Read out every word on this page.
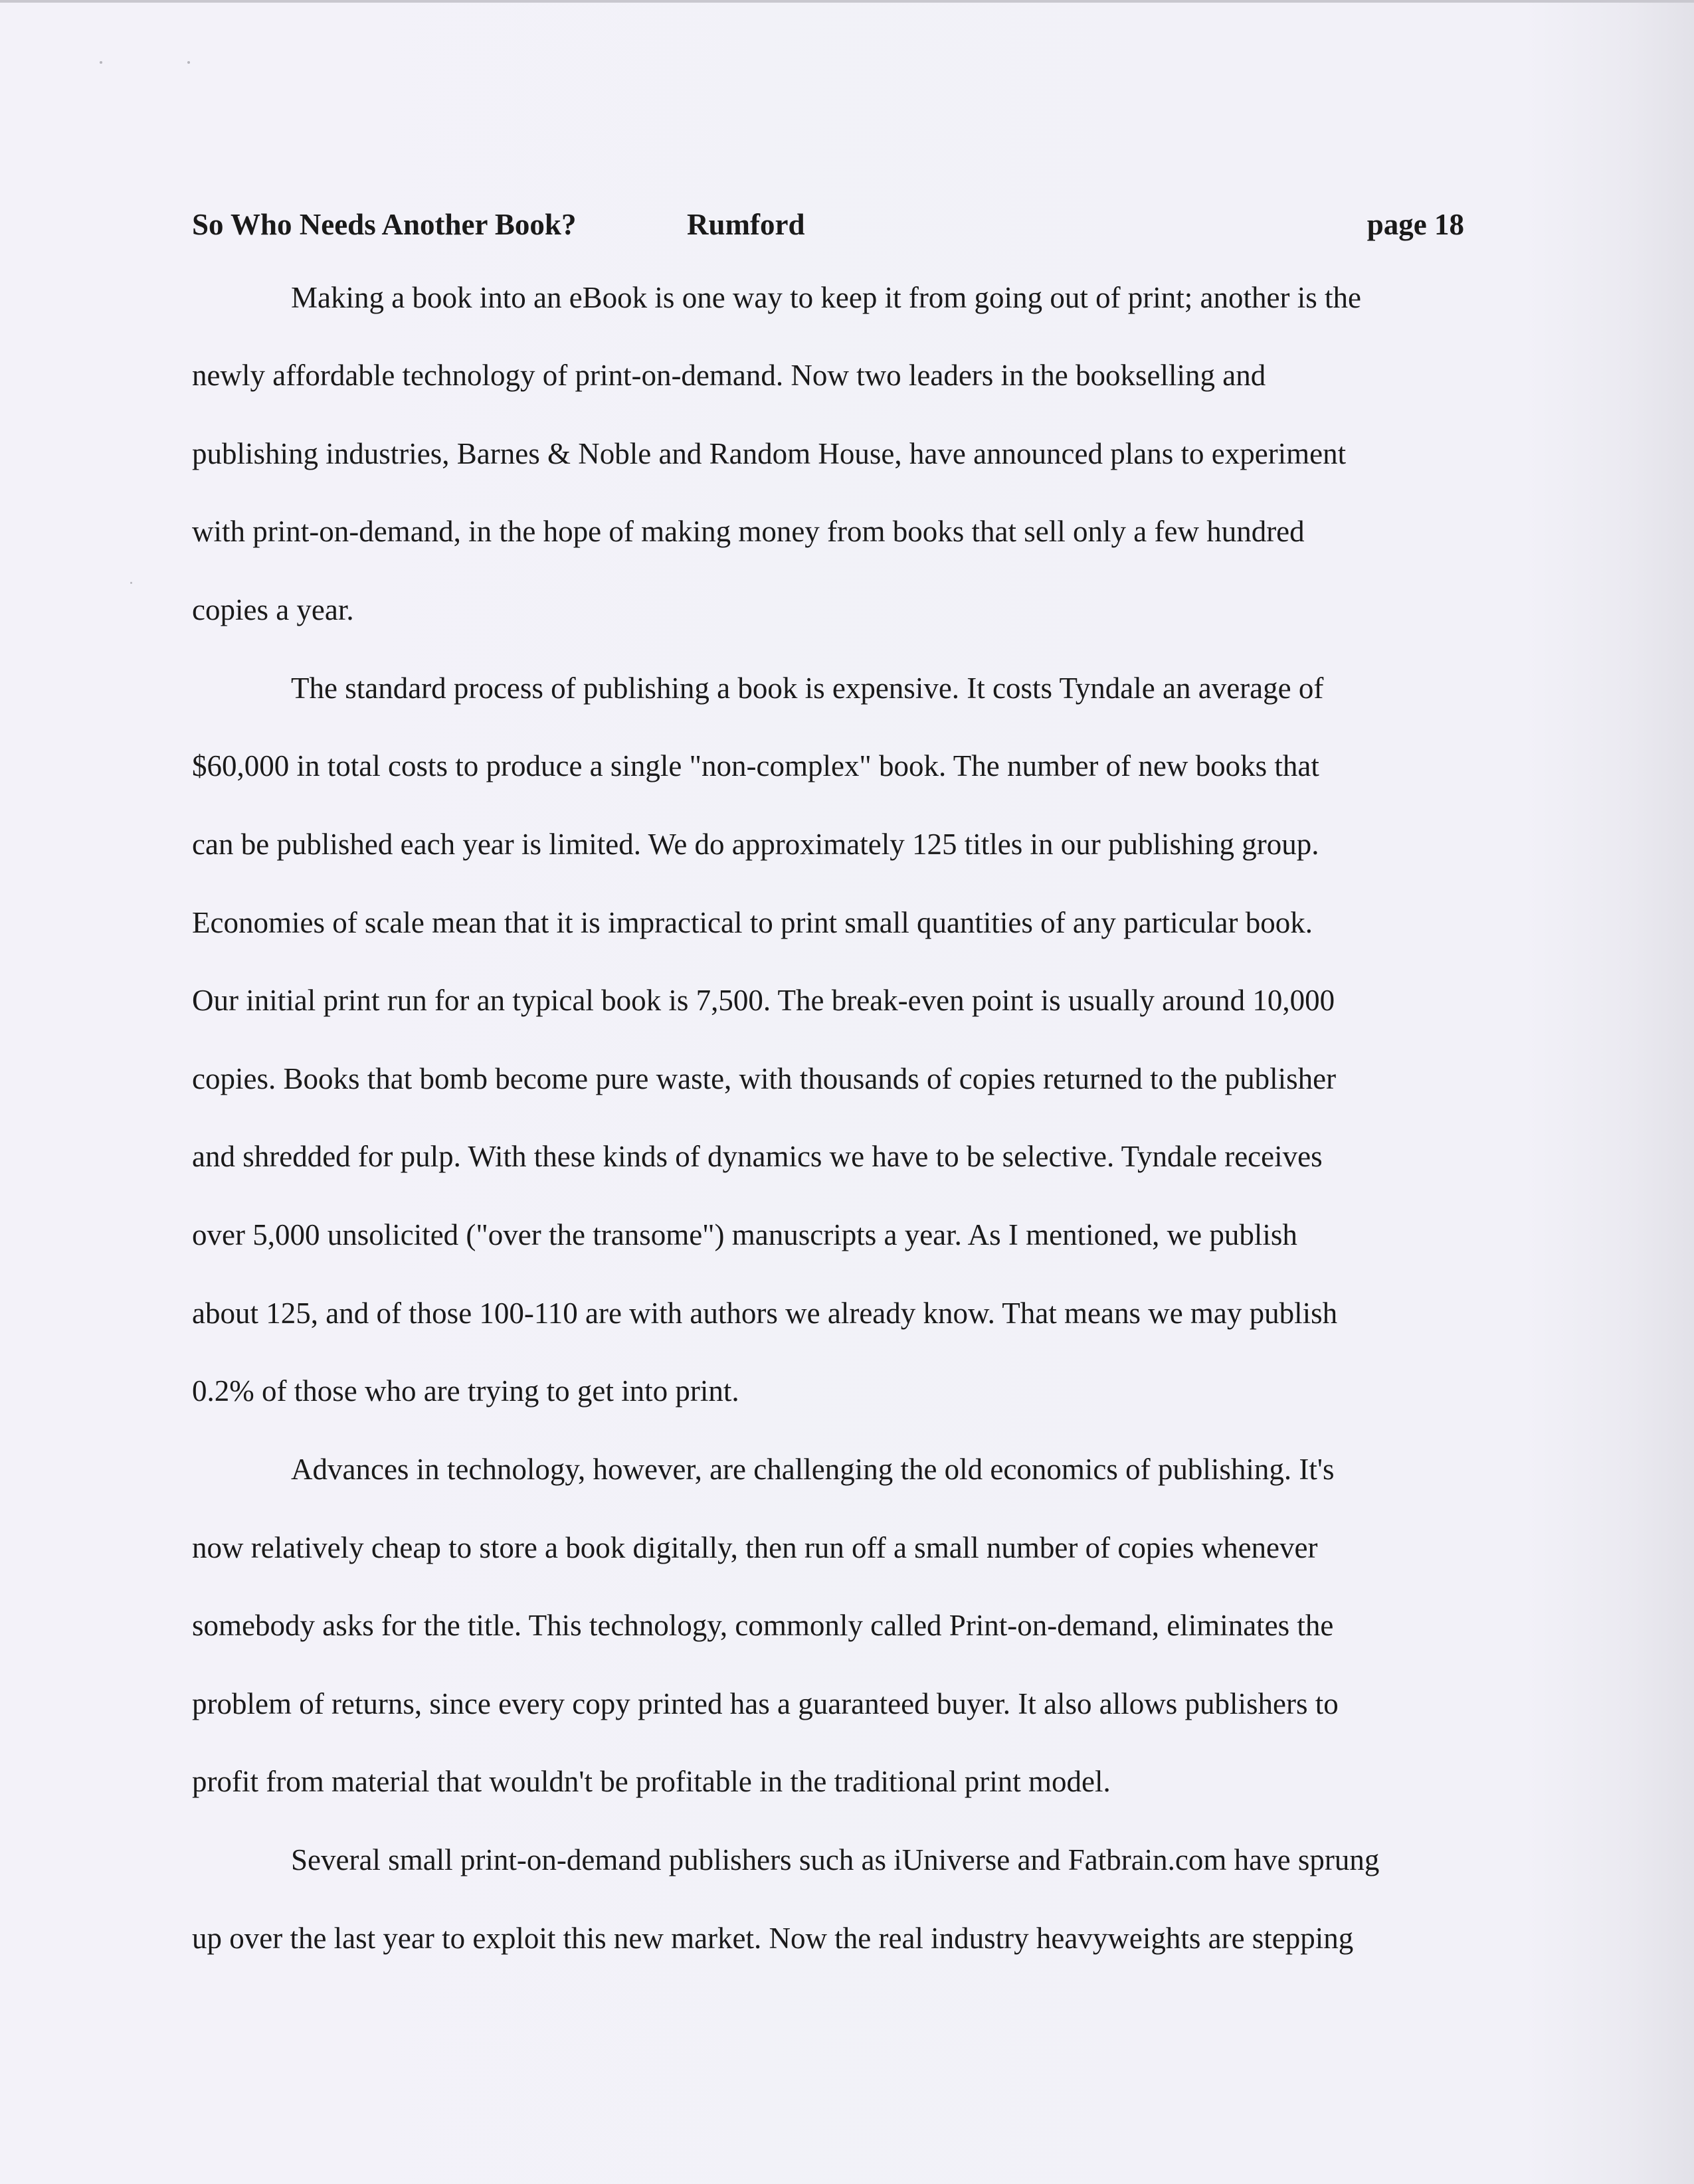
So Who Needs Another Book?	Rumford	page 18
Making a book into an eBook is one way to keep it from going out of print; another is the
newly affordable technology of print-on-demand. Now two leaders in the bookselling and
publishing industries, Barnes & Noble and Random House, have announced plans to experiment
with print-on-demand, in the hope of making money from books that sell only a few hundred
copies a year.
The standard process of publishing a book is expensive. It costs Tyndale an average of
$60,000 in total costs to produce a single "non-complex" book. The number of new books that
can be published each year is limited. We do approximately 125 titles in our publishing group.
Economies of scale mean that it is impractical to print small quantities of any particular book.
Our initial print run for an typical book is 7,500. The break-even point is usually around 10,000
copies. Books that bomb become pure waste, with thousands of copies returned to the publisher
and shredded for pulp. With these kinds of dynamics we have to be selective. Tyndale receives
over 5,000 unsolicited ("over the transome") manuscripts a year. As I mentioned, we publish
about 125, and of those 100-110 are with authors we already know. That means we may publish
0.2% of those who are trying to get into print.
Advances in technology, however, are challenging the old economics of publishing. It's
now relatively cheap to store a book digitally, then run off a small number of copies whenever
somebody asks for the title. This technology, commonly called Print-on-demand, eliminates the
problem of returns, since every copy printed has a guaranteed buyer. It also allows publishers to
profit from material that wouldn't be profitable in the traditional print model.
Several small print-on-demand publishers such as iUniverse and Fatbrain.com have sprung
up over the last year to exploit this new market. Now the real industry heavyweights are stepping
